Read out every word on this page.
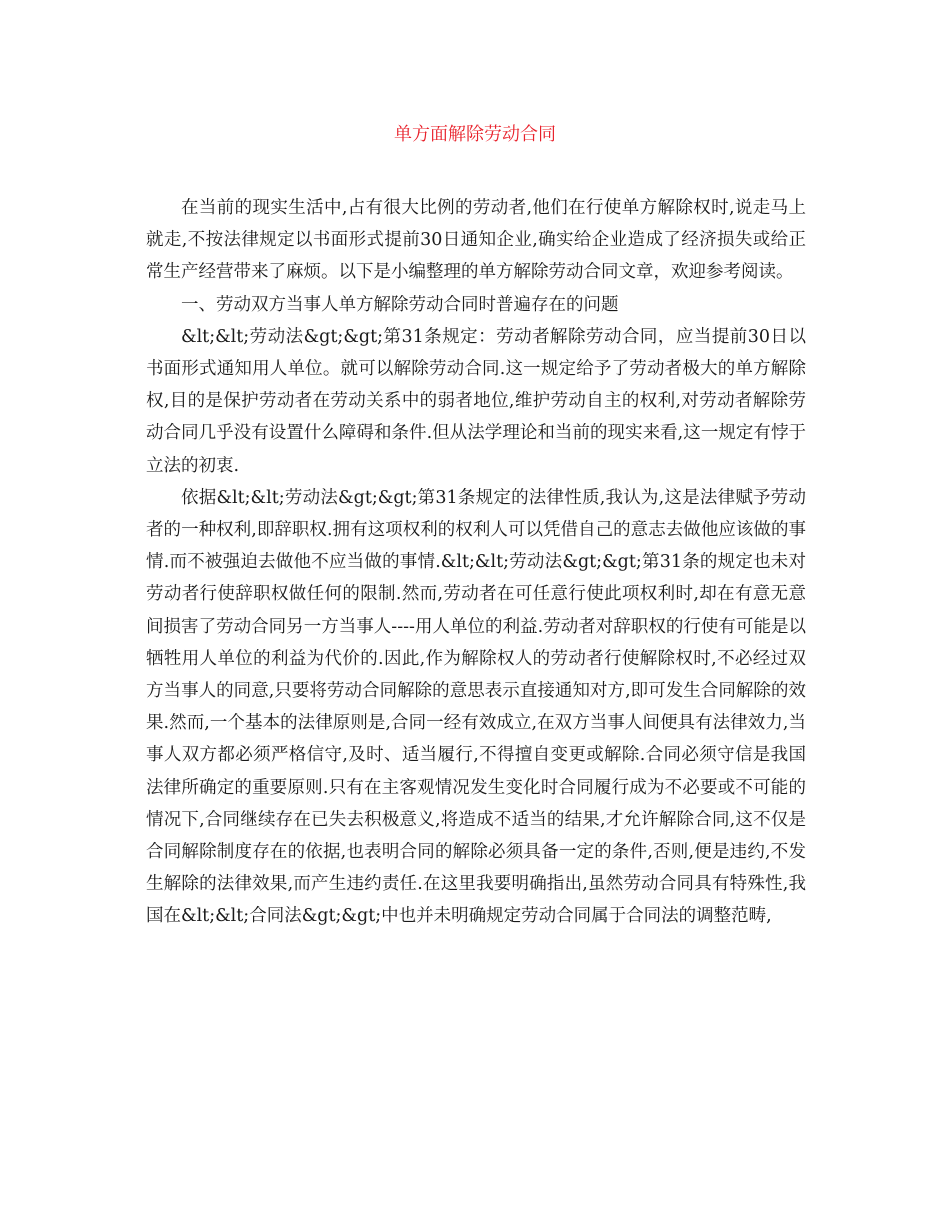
单方面解除劳动合同

在当前的现实生活中,占有很大比例的劳动者,他们在行使单方解除权时,说走马上就走,不按法律规定以书面形式提前30日通知企业,确实给企业造成了经济损失或给正常生产经营带来了麻烦。以下是小编整理的单方解除劳动合同文章，欢迎参考阅读。

一、劳动双方当事人单方解除劳动合同时普遍存在的问题

&lt;&lt;劳动法&gt;&gt;第31条规定：劳动者解除劳动合同，应当提前30日以书面形式通知用人单位。就可以解除劳动合同.这一规定给予了劳动者极大的单方解除权,目的是保护劳动者在劳动关系中的弱者地位,维护劳动自主的权利,对劳动者解除劳动合同几乎没有设置什么障碍和条件.但从法学理论和当前的现实来看,这一规定有悖于立法的初衷.

依据&lt;&lt;劳动法&gt;&gt;第31条规定的法律性质,我认为,这是法律赋予劳动者的一种权利,即辞职权.拥有这项权利的权利人可以凭借自己的意志去做他应该做的事情.而不被强迫去做他不应当做的事情.&lt;&lt;劳动法&gt;&gt;第31条的规定也未对劳动者行使辞职权做任何的限制.然而,劳动者在可任意行使此项权利时,却在有意无意间损害了劳动合同另一方当事人----用人单位的利益.劳动者对辞职权的行使有可能是以牺牲用人单位的利益为代价的.因此,作为解除权人的劳动者行使解除权时,不必经过双方当事人的同意,只要将劳动合同解除的意思表示直接通知对方,即可发生合同解除的效果.然而,一个基本的法律原则是,合同一经有效成立,在双方当事人间便具有法律效力,当事人双方都必须严格信守,及时、适当履行,不得擅自变更或解除.合同必须守信是我国法律所确定的重要原则.只有在主客观情况发生变化时合同履行成为不必要或不可能的情况下,合同继续存在已失去积极意义,将造成不适当的结果,才允许解除合同,这不仅是合同解除制度存在的依据,也表明合同的解除必须具备一定的条件,否则,便是违约,不发生解除的法律效果,而产生违约责任.在这里我要明确指出,虽然劳动合同具有特殊性,我国在&lt;&lt;合同法&gt;&gt;中也并未明确规定劳动合同属于合同法的调整范畴,
